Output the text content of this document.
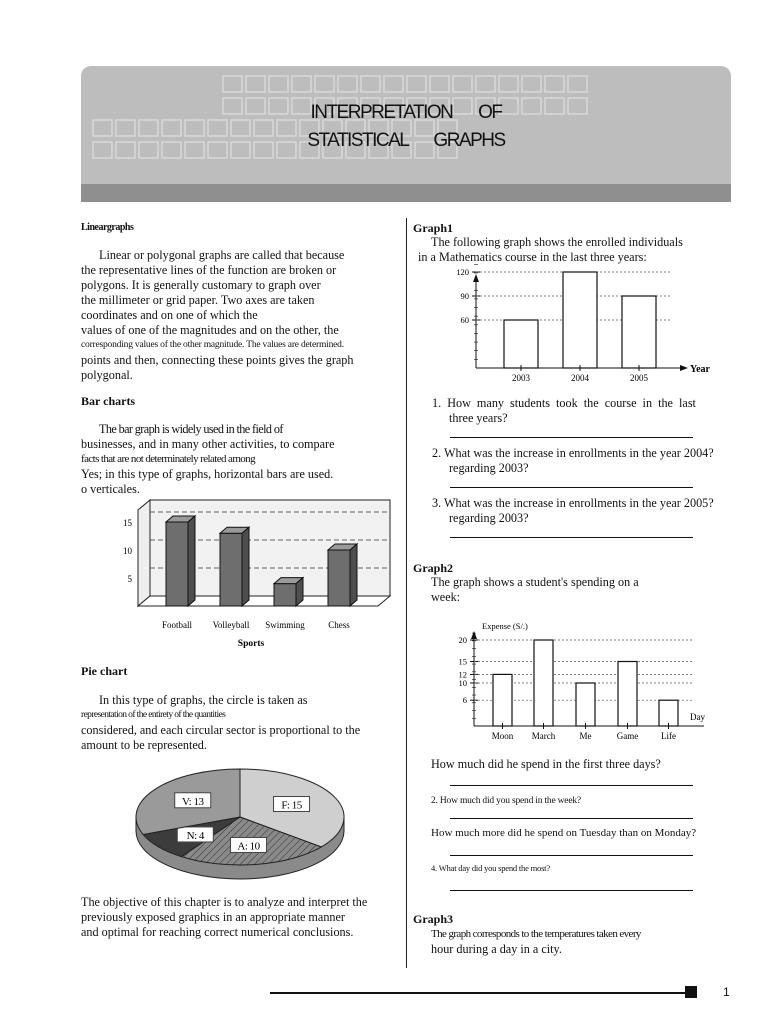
INTERPRETATION OF
STATISTICAL GRAPHS
Lineargraphs
Linear or polygonal graphs are called that because
the representative lines of the function are broken or
polygons. It is generally customary to graph over
the millimeter or grid paper. Two axes are taken
coordinates and on one of which the
values of one of the magnitudes and on the other, the
corresponding values of the other magnitude. The values are determined.
points and then, connecting these points gives the graph
polygonal.
Bar charts
The bar graph is widely used in the field of
businesses, and in many other activities, to compare
facts that are not determinately related among
Yes; in this type of graphs, horizontal bars are used.
o verticales.
5
10
15
Football Volleyball Swimming	Chess
Sports
Pie chart
In this type of graphs, the circle is taken as
representation of the entirety of the quantities
considered, and each circular sector is proportional to the
amount to be represented.
F: 15
A: 10
N: 4
V: 13
The objective of this chapter is to analyze and interpret the
previously exposed graphics in an appropriate manner
and optimal for reaching correct numerical conclusions.
Graph1
The following graph shows the enrolled individuals
in a Mathematics course in the last three years:
60
90
120
2003	2004	2005
Year
1. How many students took the course in the last
three years?
2. What was the increase in enrollments in the year 2004?
regarding 2003?
3. What was the increase in enrollments in the year 2005?
regarding 2003?
Graph2
The graph shows a student's spending on a
week:
6
10
12
15
20
Moon March	Me	Game	Life
Expense (S/.)
Day
How much did he spend in the first three days?
2. How much did you spend in the week?
How much more did he spend on Tuesday than on Monday?
4. What day did you spend the most?
Graph3
The graph corresponds to the temperatures taken every
hour during a day in a city.
1
